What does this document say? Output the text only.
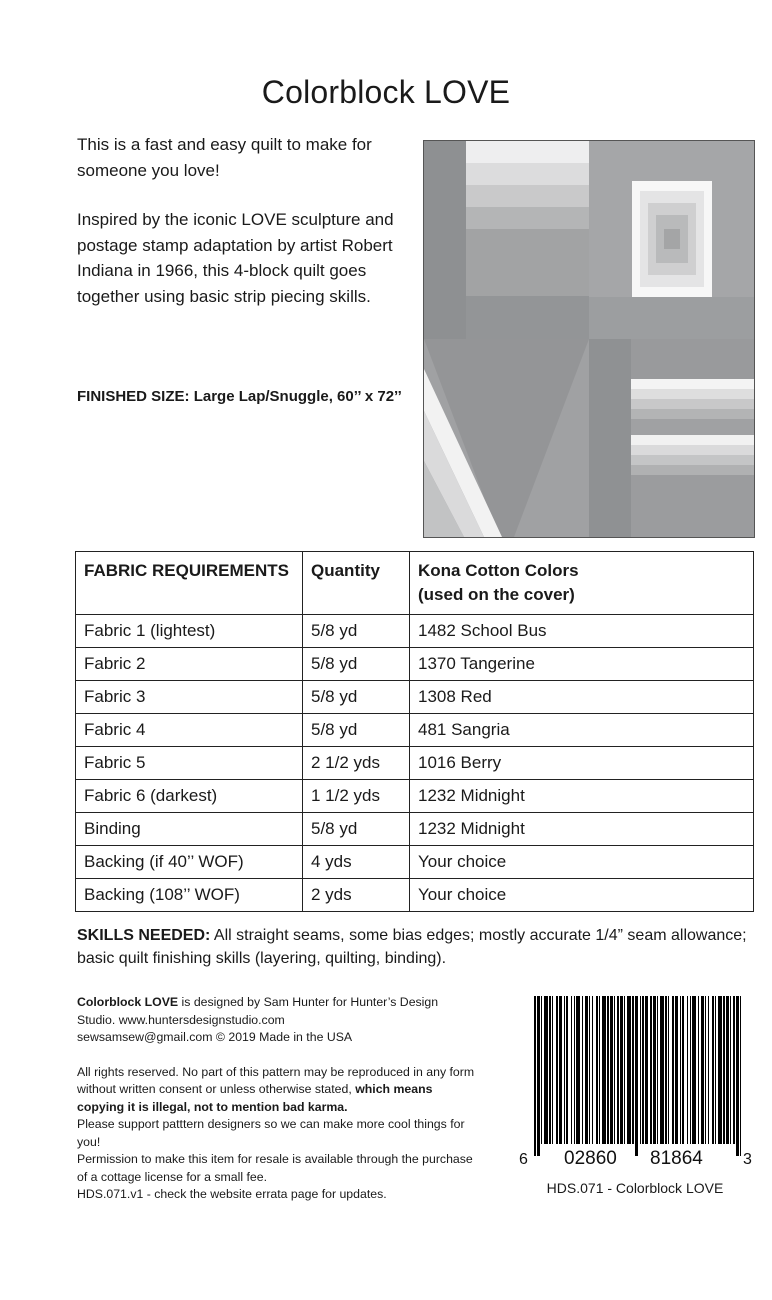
Colorblock LOVE

This is a fast and easy quilt to make for someone you love!

Inspired by the iconic LOVE sculpture and postage stamp adaptation by artist Robert Indiana in 1966, this 4-block quilt goes together using basic strip piecing skills.

FINISHED SIZE: Large Lap/Snuggle, 60’’ x 72’’
FABRIC REQUIREMENTS	Quantity	Kona Cotton Colors (used on the cover)

Fabric 1 (lightest)	5/8 yd	1482 School Bus
Fabric 2	5/8 yd	1370 Tangerine
Fabric 3	5/8 yd	1308 Red
Fabric 4	5/8 yd	481 Sangria
Fabric 5	2 1/2 yds	1016 Berry
Fabric 6 (darkest)	1 1/2 yds	1232 Midnight
Binding	5/8 yd	1232 Midnight
Backing (if 40’’ WOF)	4 yds	Your choice
Backing (108’’ WOF)	2 yds	Your choice
SKILLS NEEDED: All straight seams, some bias edges; mostly accurate 1/4” seam allowance; basic quilt finishing skills (layering, quilting, binding).

Colorblock LOVE is designed by Sam Hunter for Hunter’s Design Studio. www.huntersdesignstudio.com

sewsamsew@gmail.com © 2019 Made in the USA

All rights reserved. No part of this pattern may be reproduced in any form without written consent or unless otherwise stated, which means copying it is illegal, not to mention bad karma.

Please support patttern designers so we can make more cool things for you!

Permission to make this item for resale is available through the purchase of a cottage license for a small fee.

HDS.071.v1 - check the website errata page for updates.

6 02860 81864	3
HDS.071 - Colorblock LOVE
